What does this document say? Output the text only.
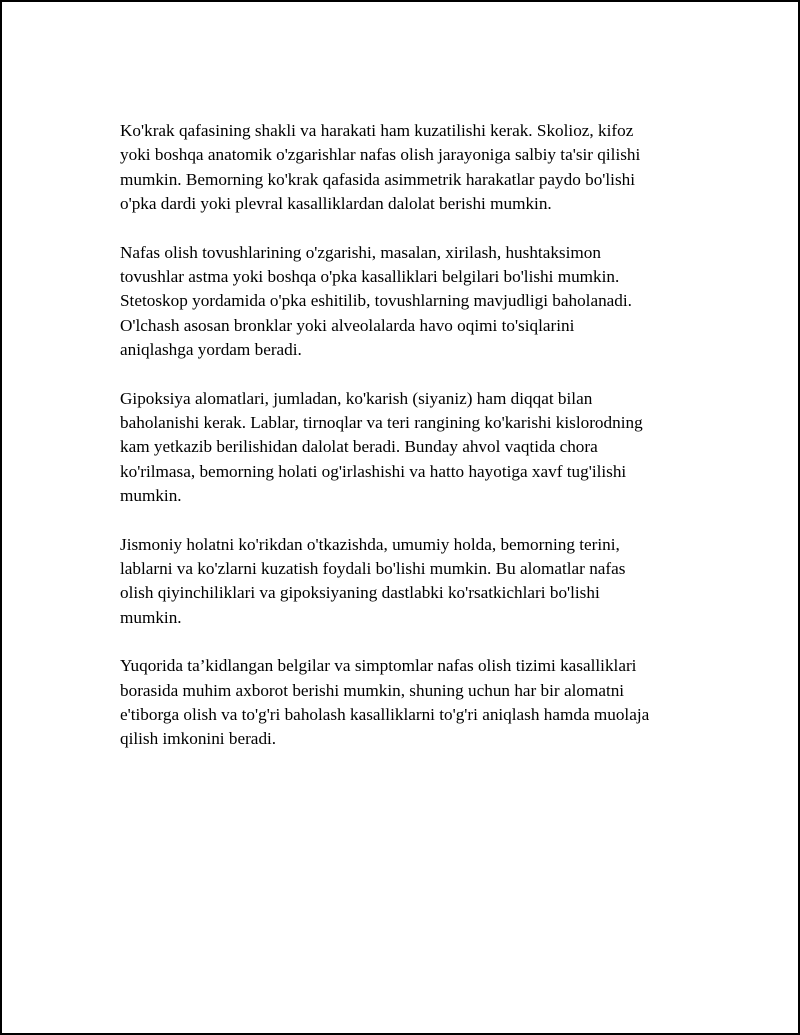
Ko'krak qafasining shakli va harakati ham kuzatilishi kerak. Skolioz, kifoz
yoki boshqa anatomik o'zgarishlar nafas olish jarayoniga salbiy ta'sir qilishi
mumkin. Bemorning ko'krak qafasida asimmetrik harakatlar paydo bo'lishi
o'pka dardi yoki plevral kasalliklardan dalolat berishi mumkin.

Nafas olish tovushlarining o'zgarishi, masalan, xirilash, hushtaksimon
tovushlar astma yoki boshqa o'pka kasalliklari belgilari bo'lishi mumkin.
Stetoskop yordamida o'pka eshitilib, tovushlarning mavjudligi baholanadi.
O'lchash asosan bronklar yoki alveolalarda havo oqimi to'siqlarini
aniqlashga yordam beradi.

Gipoksiya alomatlari, jumladan, ko'karish (siyaniz) ham diqqat bilan
baholanishi kerak. Lablar, tirnoqlar va teri rangining ko'karishi kislorodning
kam yetkazib berilishidan dalolat beradi. Bunday ahvol vaqtida chora
ko'rilmasa, bemorning holati og'irlashishi va hatto hayotiga xavf tug'ilishi
mumkin.

Jismoniy holatni ko'rikdan o'tkazishda, umumiy holda, bemorning terini,
lablarni va ko'zlarni kuzatish foydali bo'lishi mumkin. Bu alomatlar nafas
olish qiyinchiliklari va gipoksiyaning dastlabki ko'rsatkichlari bo'lishi
mumkin.

Yuqorida ta’kidlangan belgilar va simptomlar nafas olish tizimi kasalliklari
borasida muhim axborot berishi mumkin, shuning uchun har bir alomatni
e'tiborga olish va to'g'ri baholash kasalliklarni to'g'ri aniqlash hamda muolaja
qilish imkonini beradi.
